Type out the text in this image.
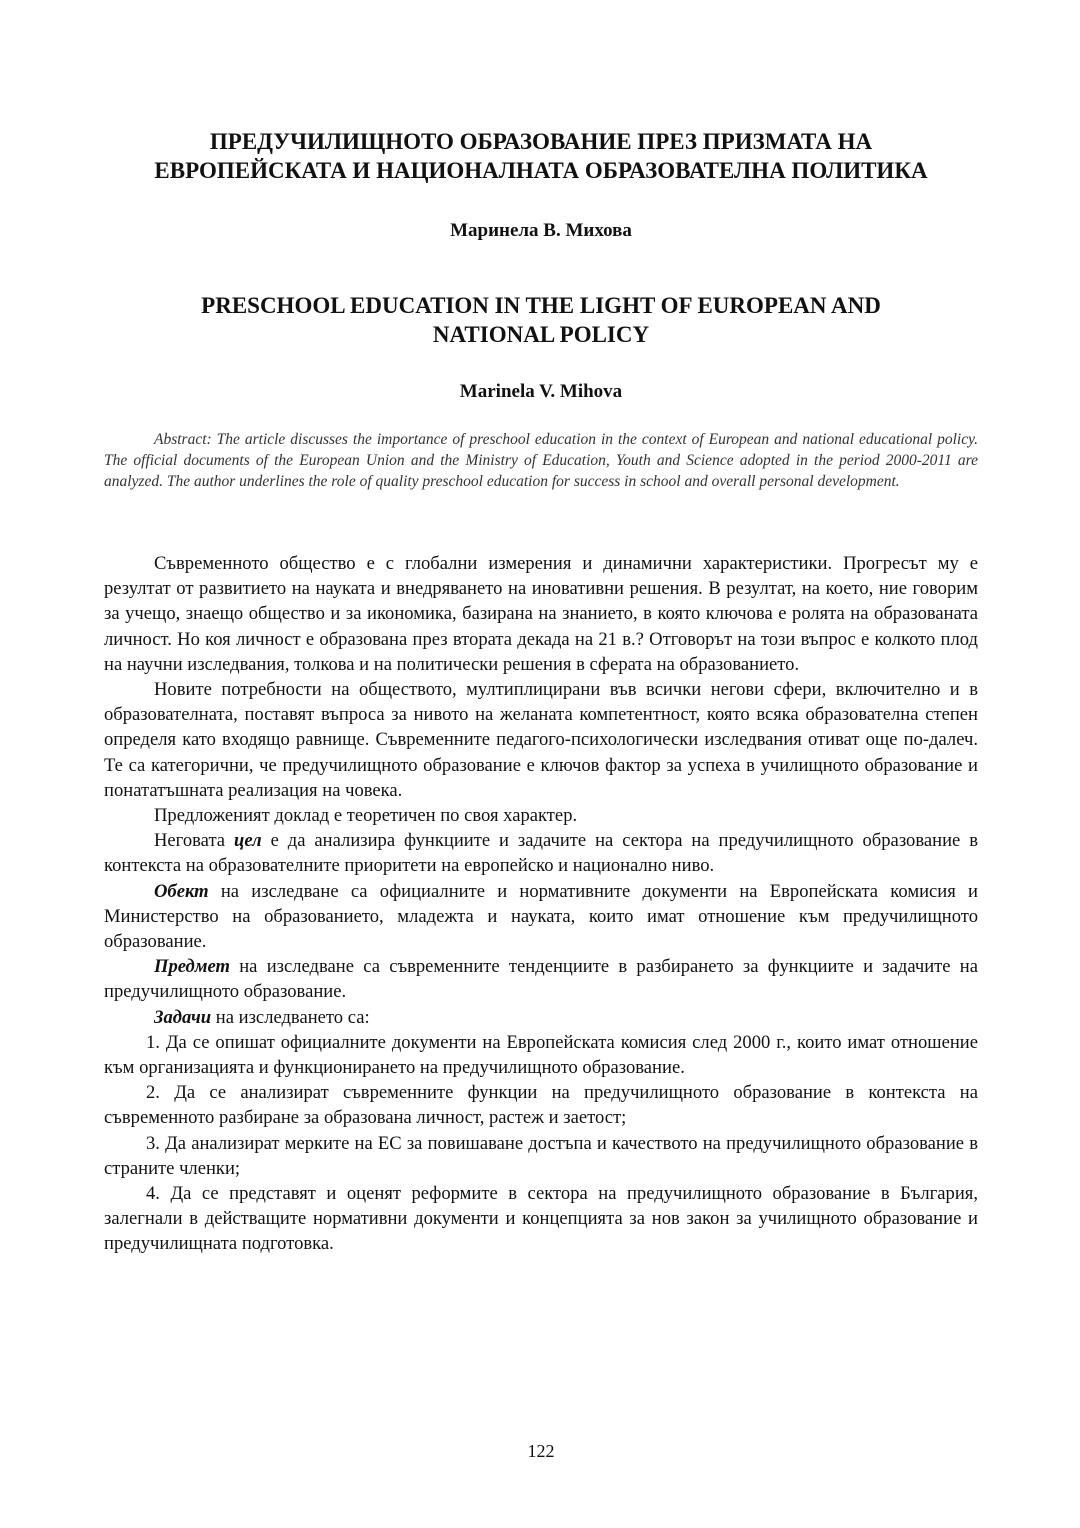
ПРЕДУЧИЛИЩНОТО ОБРАЗОВАНИЕ ПРЕЗ ПРИЗМАТА НА
ЕВРОПЕЙСКАТА И НАЦИОНАЛНАТА ОБРАЗОВАТЕЛНА ПОЛИТИКА
Маринела В. Михова
PRESCHOOL EDUCATION IN THE LIGHT OF EUROPEAN AND
NATIONAL POLICY
Marinela V. Mihova

Abstract: The article discusses the importance of preschool education in the context of European and national educational policy. The official documents of the European Union and the Ministry of Education, Youth and Science adopted in the period 2000-2011 are analyzed. The author underlines the role of quality preschool education for success in school and overall personal development.

Съвременното общество е с глобални измерения и динамични характеристики. Прогресът му е резултат от развитието на науката и внедряването на иновативни решения. В резултат, на което, ние говорим за учещо, знаещо общество и за икономика, базирана на знанието, в която ключова е ролята на образованата личност. Но коя личност е образована през втората декада на 21 в.? Отговорът на този въпрос е колкото плод на научни изследвания, толкова и на политически решения в сферата на образованието.

Новите потребности на обществото, мултиплицирани във всички негови сфери, включително и в образователната, поставят въпроса за нивото на желаната компетентност, която всяка образователна степен определя като входящо равнище. Съвременните педагого-психологически изследвания отиват още по-далеч. Те са категорични, че предучилищното образование е ключов фактор за успеха в училищното образование и понататъшната реализация на човека.

Предложеният доклад е теоретичен по своя характер.

Неговата цел е да анализира функциите и задачите на сектора на предучилищното образование в контекста на образователните приоритети на европейско и национално ниво.

Обект на изследване са официалните и нормативните документи на Европейската комисия и Министерство на образованието, младежта и науката, които имат отношение към предучилищното образование.

Предмет на изследване са съвременните тенденциите в разбирането за функциите и задачите на предучилищното образование.

Задачи на изследването са:

1. Да се опишат официалните документи на Европейската комисия след 2000 г., които имат отношение към организацията и функционирането на предучилищното образование.

2. Да се анализират съвременните функции на предучилищното образование в контекста на съвременното разбиране за образована личност, растеж и заетост;

3. Да анализират мерките на ЕС за повишаване достъпа и качеството на предучилищното образование в страните членки;

4. Да се представят и оценят реформите в сектора на предучилищното образование в България, залегнали в действащите нормативни документи и концепцията за нов закон за училищното образование и предучилищната подготовка.

122
